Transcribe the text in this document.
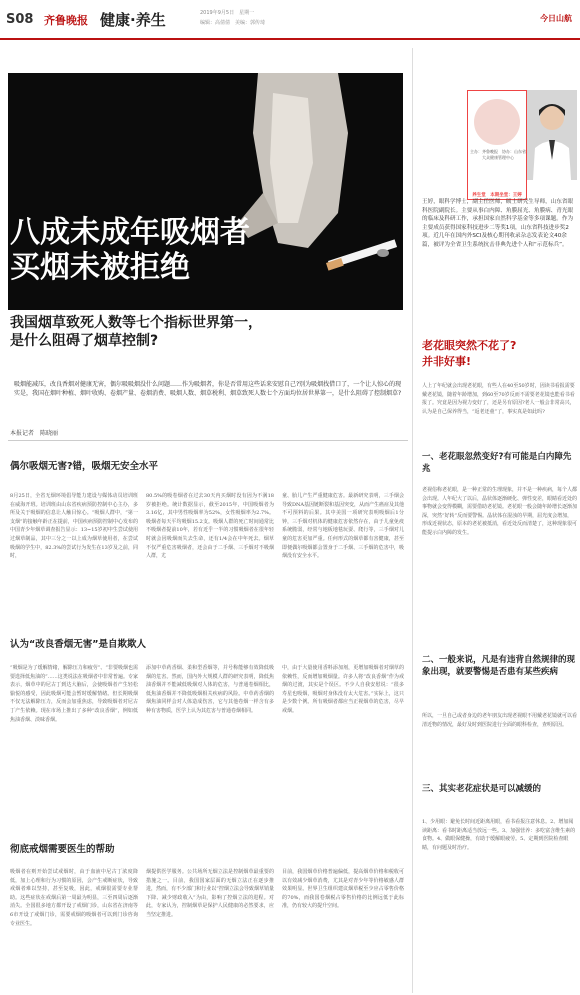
S08 齐鲁晚报 健康·养生	2019年9月5日　星期一
编辑：高倩倩　 美编：郭传琦	今日山航
八成未成年吸烟者
买烟未被拒绝
我国烟草致死人数等七个指标世界第一，
是什么阻碍了烟草控制?
吸烟能减压，改良香烟对健康无害，偶尔吸吸烟没什么问题……作为吸烟者，你是否常用这些话来安慰自己?别为吸烟找借口了，一个让人惊心的现实是，我国在烟叶种植、烟叶收购、卷烟产量、卷烟消费、吸烟人数、烟草税利、烟草致死人数七个方面均位居世界第一，是什么阻碍了控制烟草?
本报记者　陈晓丽
偶尔吸烟无害?错，吸烟无安全水平
8月25日，全省无烟环境倡导能力建设与媒体动员培训班在威海开班。培训班由山东省疾病预防控制中心主办，多所及关于吸烟的信息让人触目惊心。“吸烟人群中，“第一支烟”的接触年龄正在提前，中国疾病预防控制中心发布的中国青少年烟草调查报告显示：13~15岁初中生尝试使用过烟草制品，其中三分之一以上成为烟草使用者，在尝试吸烟的学生中，82.3%的尝试行为发生在13岁及之前，同时，
80.5%的吸卷烟者在过去30天内买烟时没有因为不满18岁被拒绝。统计数据显示，截至2015年，中国吸烟者为3.16亿，其中男性吸烟率为52%，女性吸烟率为2.7%。吸烟者每天平均吸烟15.2支。吸烟人群的死亡时间通常比不吸烟者提前10年，若有近乎一半的习惯吸烟者在很年轻时就会因吸烟而失去生命，还有1/4会在中年死去。烟草不仅严重危害吸烟者，还会由于二手烟、三手烟对不吸烟人群，尤
童、胎儿产生严重健康危害。最新研究表明，三手烟会导致DNA基因链断裂和基因突变，从而产生癌症及其他不可预料的后果。其中美国一项研究表明吸烟后1分钟，三手烟对机体的健康危害依然存在，由于儿童免疫系统脆弱，经常与地板地毯玩耍、爬行等，三手烟对儿童的危害更加严重。任何形式的烟草都有害健康，甚至即便偶尔吸烟都会置身于二手烟、三手烟的危害中，吸烟没有安全水平。
认为“改良香烟无害”是自欺欺人
“吸烟是为了缓解情绪，解除压力和疲劳”、“非要吸烟也需要选择低焦油的”……这类说法在吸烟者中非常普遍。专家表示，烟草中的尼古丁到达大脑后，会使吸烟者产生轻松愉悦的感受，因此吸烟可能会暂时缓解情绪。但长期吸烟不仅无法解除压力，反而会加重焦虑，导致吸烟者对尼古丁产生依赖。现在市场上推出了多种“改良香烟”，例如低焦油香烟、淡味香烟。
添加中草药香烟、柔和型香烟等，并号称能够有效降低吸烟的危害。然而，国内外大规模人群的研究表明，降低焦油香烟并不能减低吸烟对人体的危害，与普通卷烟相比，低焦油香烟并不降低吸烟相关疾病的风险。中草药香烟的烟焦油同样会对人体造成伤害，它与其他卷烟一样含有多种有害物质，医学上认为其危害与普通卷烟相同。
中，由于大量使用香料添加剂，更增加吸烟者对烟草的依赖性，反而增加吸烟量。许多人将“改良香烟”作为戒烟的过渡，其实是个误区。不少人自我安慰说：“很多寿星也吸烟，吸烟对身体没有太大危害。”实际上，这只是少数个例。所有吸烟者都应当正视烟草的危害，尽早戒烟。
彻底戒烟需要医生的帮助
吸烟者在则开始尝试戒烟时，由于血液中尼古丁浓度降低，加上心理和行为习惯的原因，会产生戒断症状，导致戒烟者难以坚持，甚至复吸，因此，戒烟很需要专业帮助。这些症状在戒烟后第一周最为明显，三至四周后逐渐消失。全国很多地方都开设了戒烟门诊，山东省在济南等6市开设了戒烟门诊，需要戒烟的吸烟者可以到门诊咨询专业医生。
烟提供医学服务。公共场所无烟立法是控制烟草最重要的措施之一。目前，我国国家层面的无烟立法正在逐步推进，然而，有不少部门和行业以“控烟立法会导致烟草销量下降、减少财政收入”为由，影响了控烟立法的进程。对此，专家认为，控制烟草是保护人民健康的必然要求，应当坚定推进。
目前，我国烟草价格普遍偏低，提高烟草价格和税收可以有效减少烟草消费，尤其是对青少年等价格敏感人群效果明显。世界卫生组织建议烟草税至少应占零售价格的70%，而我国卷烟税占零售价格的比例远低于此标准，仍有较大的提升空间。
主办：齐鲁晚报　协办：山东省大众健康管理中心
养生堂　本期坐堂：王婷
王婷，眼科学博士，副主任医师，硕士研究生导师，山东省眼科医院副院长。主要从事白内障、角膜屈光、角膜病、青光眼的临床及科研工作，承担国家自然科学基金等多项课题。作为主要成员获得国家科技进步二等奖1项，山东省科技进步奖2项。近几年在国内外SCI及核心期刊收录杂志发表论文40余篇，被评为全省卫生系统抗击非典先进个人和“示范标兵”。
老花眼突然不花了?
并非好事!
人上了年纪就会出现老花眼，有些人在40至50岁时，因读书看报需要戴老花镜，随着年龄增加，到60至70岁反而不需要老花镜也能看书看报了。究竟是因为视力变好了，还是另有原因?老人一般会非常高兴，认为是自己保养得当，“返老还童”了，事实真是如此吗?
一、老花眼忽然变好?有可能是白内障先兆
老视俗称老花眼，是一种正常的生理现象，并不是一种疾病，每个人都会出现。人年纪大了以后，晶状体逐渐硬化、弹性变差，眼睛看近处的事物就会变得模糊，需要借助老花镜。老花眼一般会随年龄增长逐渐加深，突然“好转”反而要警惕。晶状体在混浊的早期，屈光度会增加，形成近视状态，原本的老花被抵消，看近处反而清楚了，这种现象很可能提示白内障的发生。
二、一般来说，凡是有违背自然规律的现象出现，就要警惕是否患有某些疾病
所以，一旦自己或者身边的老年朋友出现老视眼不用戴老花镜就可以看清近物的情况，最好及时到医院进行全面的眼科检查，查明原因。
三、其实老花症状是可以减缓的
1、少用眼：避免长时间近距离用眼，看书看报注意休息。2、增加阅读距离：看书时距离适当放远一些。3、加强营养：多吃富含维生素的食物。4、做眼保健操，有助于缓解眼疲劳。5、定期到医院检查眼睛，有问题及时治疗。
